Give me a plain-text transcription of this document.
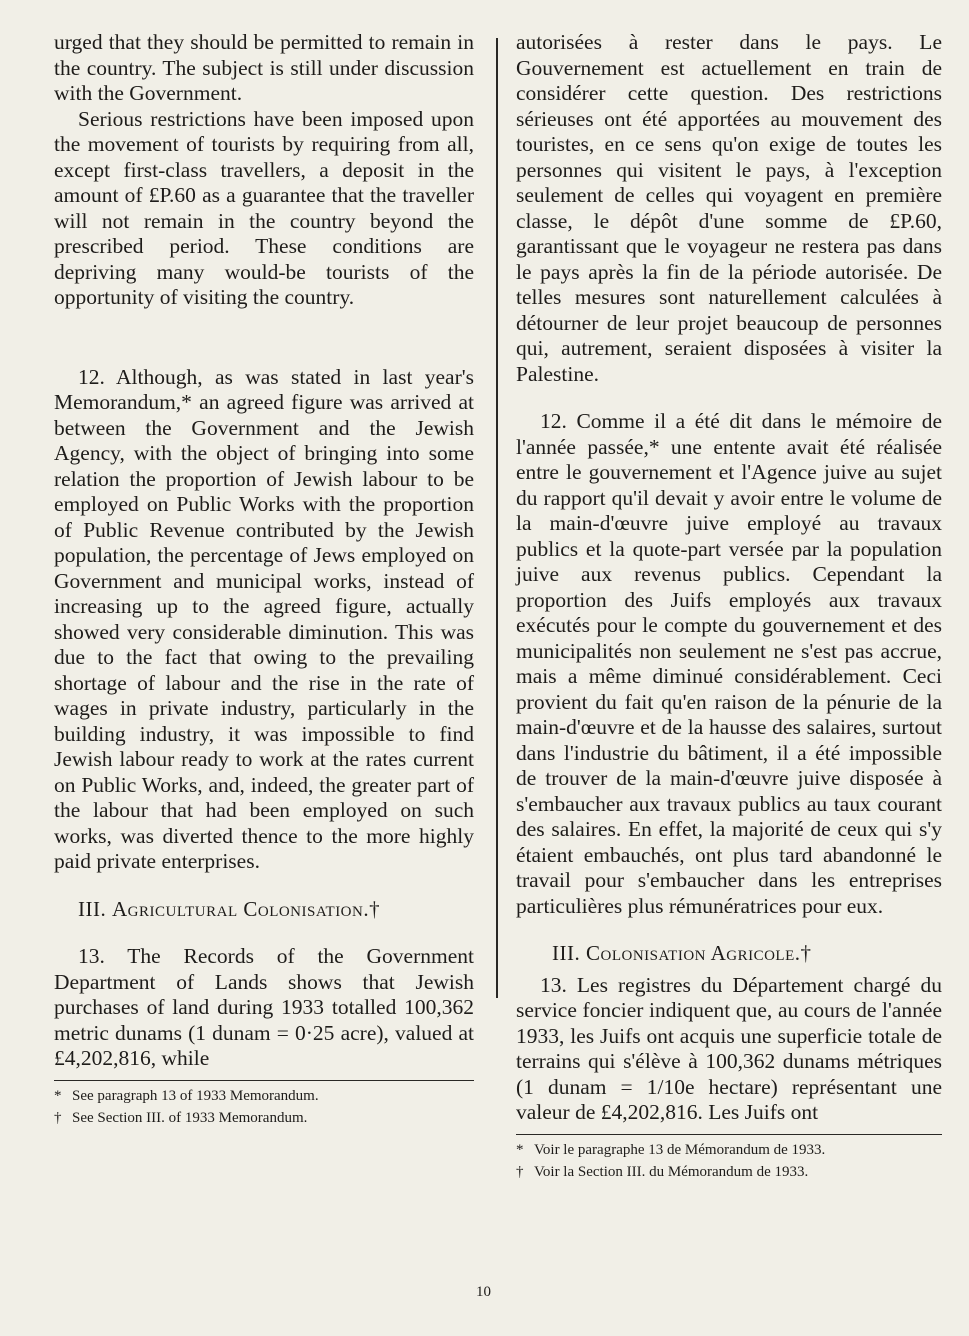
urged that they should be permitted to remain in the country. The subject is still under discussion with the Government.

Serious restrictions have been imposed upon the movement of tourists by requiring from all, except first-class travellers, a deposit in the amount of £P.60 as a guarantee that the traveller will not remain in the country beyond the prescribed period. These conditions are depriving many would-be tourists of the opportunity of visiting the country.

12. Although, as was stated in last year's Memorandum,* an agreed figure was arrived at between the Government and the Jewish Agency, with the object of bringing into some relation the proportion of Jewish labour to be employed on Public Works with the proportion of Public Revenue contributed by the Jewish population, the percentage of Jews employed on Government and municipal works, instead of increasing up to the agreed figure, actually showed very considerable diminution. This was due to the fact that owing to the prevailing shortage of labour and the rise in the rate of wages in private industry, particularly in the building industry, it was impossible to find Jewish labour ready to work at the rates current on Public Works, and, indeed, the greater part of the labour that had been employed on such works, was diverted thence to the more highly paid private enterprises.

III. Agricultural Colonisation.†

13. The Records of the Government Department of Lands shows that Jewish purchases of land during 1933 totalled 100,362 metric dunams (1 dunam = 0·25 acre), valued at £4,202,816, while

* See paragraph 13 of 1933 Memorandum.
† See Section III. of 1933 Memorandum.

autorisées à rester dans le pays. Le Gouvernement est actuellement en train de considérer cette question. Des restrictions sérieuses ont été apportées au mouvement des touristes, en ce sens qu'on exige de toutes les personnes qui visitent le pays, à l'exception seulement de celles qui voyagent en première classe, le dépôt d'une somme de £P.60, garantissant que le voyageur ne restera pas dans le pays après la fin de la période autorisée. De telles mesures sont naturellement calculées à détourner de leur projet beaucoup de personnes qui, autrement, seraient disposées à visiter la Palestine.

12. Comme il a été dit dans le mémoire de l'année passée,* une entente avait été réalisée entre le gouvernement et l'Agence juive au sujet du rapport qu'il devait y avoir entre le volume de la main-d'œuvre juive employé au travaux publics et la quote-part versée par la population juive aux revenus publics. Cependant la proportion des Juifs employés aux travaux exécutés pour le compte du gouvernement et des municipalités non seulement ne s'est pas accrue, mais a même diminué considérablement. Ceci provient du fait qu'en raison de la pénurie de la main-d'œuvre et de la hausse des salaires, surtout dans l'industrie du bâtiment, il a été impossible de trouver de la main-d'œuvre juive disposée à s'embaucher aux travaux publics au taux courant des salaires. En effet, la majorité de ceux qui s'y étaient embauchés, ont plus tard abandonné le travail pour s'embaucher dans les entreprises particulières plus rémunératrices pour eux.

III. Colonisation Agricole.†

13. Les registres du Département chargé du service foncier indiquent que, au cours de l'année 1933, les Juifs ont acquis une superficie totale de terrains qui s'élève à 100,362 dunams métriques (1 dunam = 1/10e hectare) représentant une valeur de £4,202,816. Les Juifs ont

* Voir le paragraphe 13 de Mémorandum de 1933.
† Voir la Section III. du Mémorandum de 1933.
10
